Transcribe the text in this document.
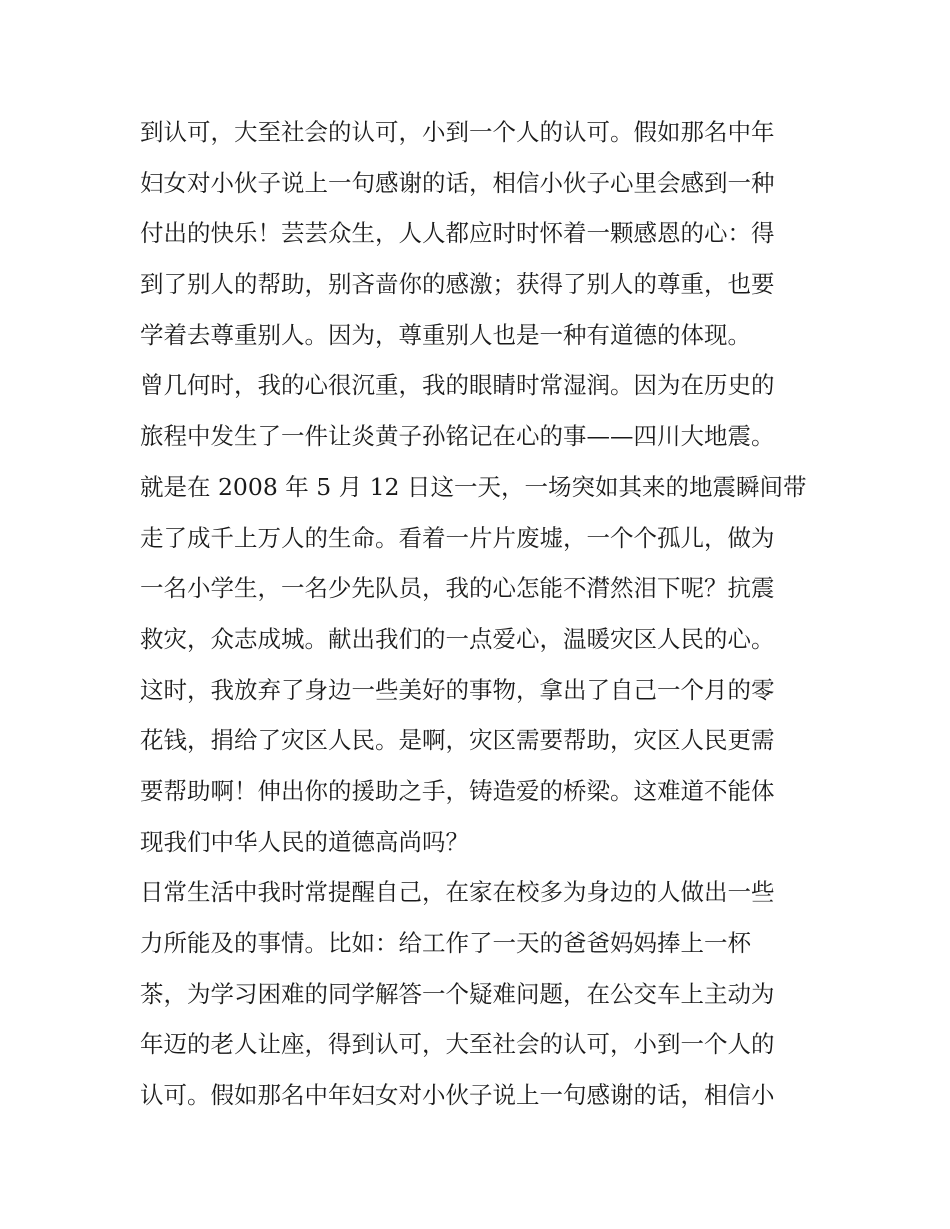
到认可，大至社会的认可，小到一个人的认可。假如那名中年
妇女对小伙子说上一句感谢的话，相信小伙子心里会感到一种
付出的快乐！芸芸众生，人人都应时时怀着一颗感恩的心：得
到了别人的帮助，别吝啬你的感激；获得了别人的尊重，也要
学着去尊重别人。因为，尊重别人也是一种有道德的体现。
曾几何时，我的心很沉重，我的眼睛时常湿润。因为在历史的
旅程中发生了一件让炎黄子孙铭记在心的事——四川大地震。
就是在 2008 年 5 月 12 日这一天，一场突如其来的地震瞬间带
走了成千上万人的生命。看着一片片废墟，一个个孤儿，做为
一名小学生，一名少先队员，我的心怎能不潸然泪下呢？抗震
救灾，众志成城。献出我们的一点爱心，温暖灾区人民的心。
这时，我放弃了身边一些美好的事物，拿出了自己一个月的零
花钱，捐给了灾区人民。是啊，灾区需要帮助，灾区人民更需
要帮助啊！伸出你的援助之手，铸造爱的桥梁。这难道不能体
现我们中华人民的道德高尚吗？
日常生活中我时常提醒自己，在家在校多为身边的人做出一些
力所能及的事情。比如：给工作了一天的爸爸妈妈捧上一杯
茶，为学习困难的同学解答一个疑难问题，在公交车上主动为
年迈的老人让座，得到认可，大至社会的认可，小到一个人的
认可。假如那名中年妇女对小伙子说上一句感谢的话，相信小
